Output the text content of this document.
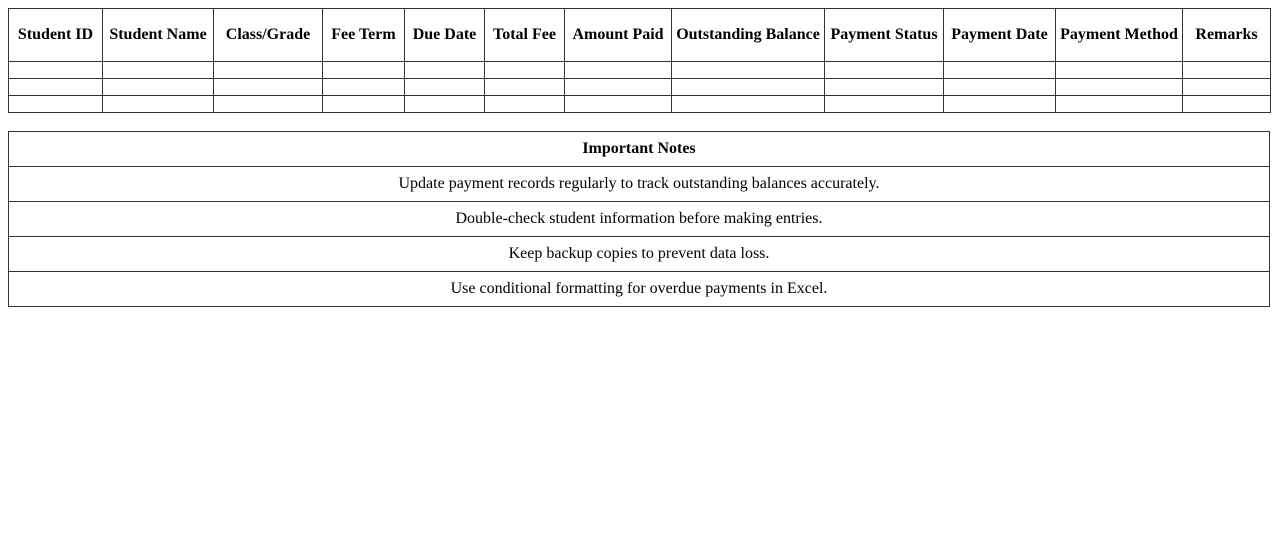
Student ID	Student Name	Class/Grade	Fee Term	Due Date	Total Fee	Amount Paid	Outstanding Balance	Payment Status	Payment Date	Payment Method	Remarks

Important Notes
Update payment records regularly to track outstanding balances accurately.
Double-check student information before making entries.
Keep backup copies to prevent data loss.
Use conditional formatting for overdue payments in Excel.
